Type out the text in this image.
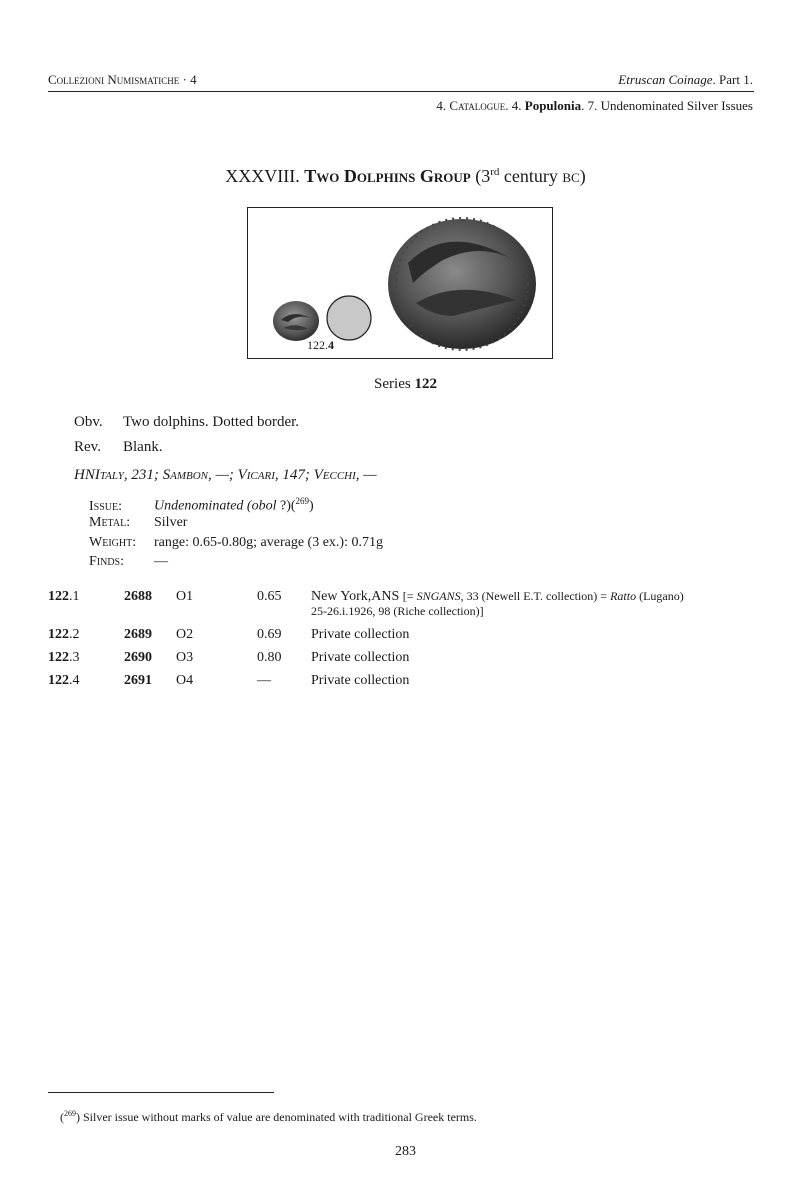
Collezioni Numismatiche · 4	Etruscan Coinage. Part 1.
4. Catalogue. 4. Populonia. 7. Undenominated Silver Issues
XXXVIII. Two Dolphins Group (3rd century bc)
122.4
Series 122
Obv. Two dolphins. Dotted border.
Rev. Blank.
HNItaly, 231; Sambon, —; Vicari, 147; Vecchi, —
Issue: Undenominated (obol ?)($^{269}$)
Metal: Silver
Weight: range: 0.65-0.80g; average (3 ex.): 0.71g
Finds: —
122.1	2688 O1	0.65 New York,ANS [= SNGANS, 33 (Newell E.T. collection) = Ratto (Lugano)
25-26.i.1926, 98 (Riche collection)]
122.2	2689 O2	0.69 Private collection
122.3	2690 O3	0.80 Private collection
122.4	2691 O4	—	Private collection
($^{269}$) Silver issue without marks of value are denominated with traditional Greek terms.
283
